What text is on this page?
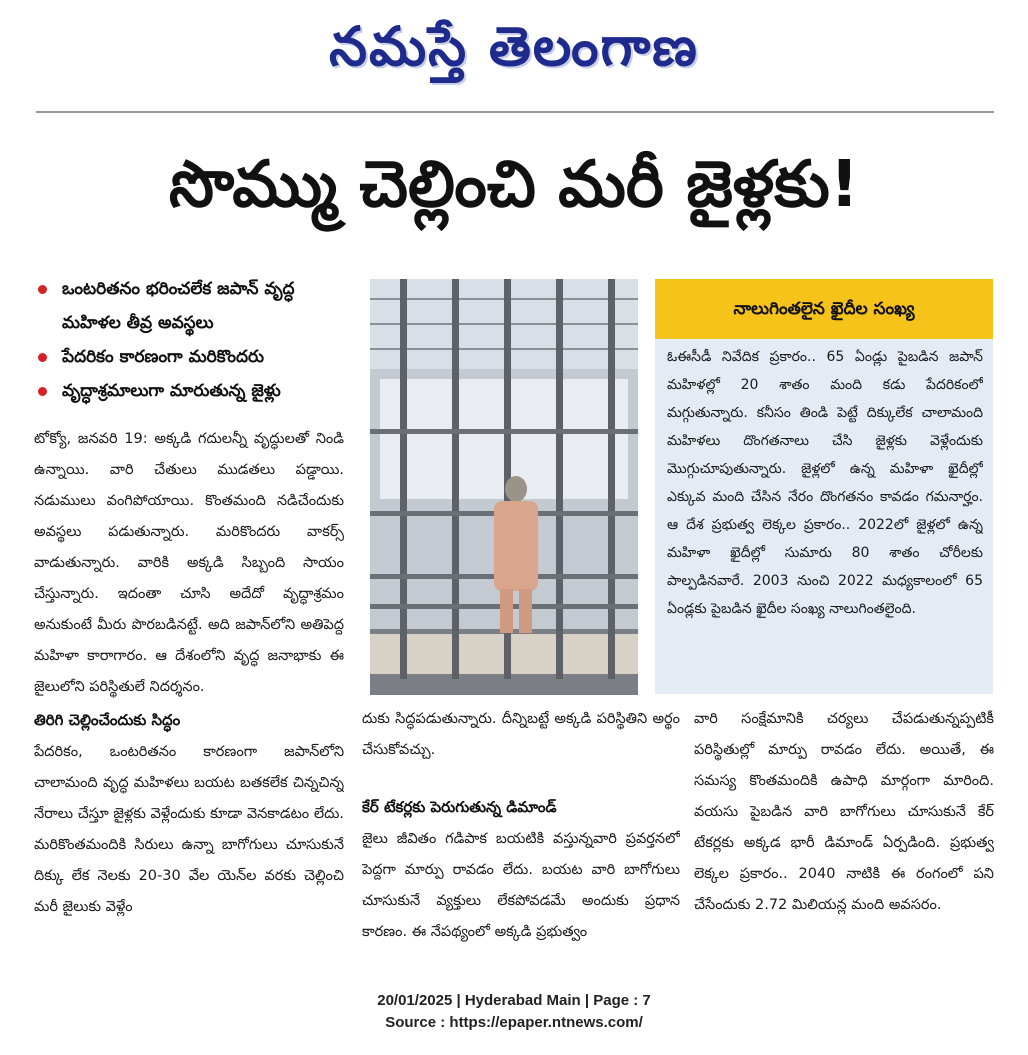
నమస్తే తెలంగాణ
సొమ్ము చెల్లించి మరీ జైళ్లకు!
ఒంటరితనం భరించలేక జపాన్ వృద్ధ మహిళల తీవ్ర అవస్థలు
పేదరికం కారణంగా మరికొందరు
వృద్ధాశ్రమాలుగా మారుతున్న జైళ్లు

టోక్యో, జనవరి 19: అక్కడి గదులన్నీ వృద్ధులతో నిండి ఉన్నాయి. వారి చేతులు ముడతలు పడ్డాయి. నడుములు వంగిపోయాయి. కొంతమంది నడిచేందుకు అవస్థలు పడుతున్నారు. మరికొందరు వాకర్స్ వాడుతున్నారు. వారికి అక్కడి సిబ్బంది సాయం చేస్తున్నారు. ఇదంతా చూసి అదేదో వృద్ధాశ్రమం అనుకుంటే మీరు పొరబడినట్టే. అది జపాన్‌లోని అతిపెద్ద మహిళా కారాగారం. ఆ దేశంలోని వృద్ధ జనాభాకు ఈ జైలులోని పరిస్థితులే నిదర్శనం.

తిరిగి చెల్లించేందుకు సిద్ధం

పేదరికం, ఒంటరితనం కారణంగా జపాన్‌లోని చాలామంది వృద్ధ మహిళలు బయట బతకలేక చిన్నచిన్న నేరాలు చేస్తూ జైళ్లకు వెళ్లేందుకు కూడా వెనకాడటం లేదు. మరికొంతమందికి సిరులు ఉన్నా బాగోగులు చూసుకునే దిక్కు లేక నెలకు 20-30 వేల యెన్‌ల వరకు చెల్లించి మరీ జైలుకు వెళ్లేం

నాలుగింతలైన ఖైదీల సంఖ్య
ఓఈసీడీ నివేదిక ప్రకారం.. 65 ఏండ్లు పైబడిన జపాన్ మహిళల్లో 20 శాతం మంది కడు పేదరికంలో మగ్గుతున్నారు. కనీసం తిండి పెట్టే దిక్కులేక చాలామంది మహిళలు దొంగతనాలు చేసి జైళ్లకు వెళ్లేందుకు మొగ్గుచూపుతున్నారు. జైళ్లలో ఉన్న మహిళా ఖైదీల్లో ఎక్కువ మంది చేసిన నేరం దొంగతనం కావడం గమనార్హం. ఆ దేశ ప్రభుత్వ లెక్కల ప్రకారం.. 2022లో జైళ్లలో ఉన్న మహిళా ఖైదీల్లో సుమారు 80 శాతం చోరీలకు పాల్పడినవారే. 2003 నుంచి 2022 మధ్యకాలంలో 65 ఏండ్లకు పైబడిన ఖైదీల సంఖ్య నాలుగింతలైంది.

దుకు సిద్ధపడుతున్నారు. దీన్నిబట్టే అక్కడి పరిస్థితిని అర్థం చేసుకోవచ్చు.

కేర్ టేకర్లకు పెరుగుతున్న డిమాండ్

జైలు జీవితం గడిపాక బయటికి వస్తున్నవారి ప్రవర్తనలో పెద్దగా మార్పు రావడం లేదు. బయట వారి బాగోగులు చూసుకునే వ్యక్తులు లేకపోవడమే అందుకు ప్రధాన కారణం. ఈ నేపథ్యంలో అక్కడి ప్రభుత్వం

వారి సంక్షేమానికి చర్యలు చేపడుతున్నప్పటికీ పరిస్థితుల్లో మార్పు రావడం లేదు. అయితే, ఈ సమస్య కొంతమందికి ఉపాధి మార్గంగా మారింది. వయసు పైబడిన వారి బాగోగులు చూసుకునే కేర్ టేకర్లకు అక్కడ భారీ డిమాండ్ ఏర్పడింది. ప్రభుత్వ లెక్కల ప్రకారం.. 2040 నాటికి ఈ రంగంలో పని చేసేందుకు 2.72 మిలియన్ల మంది అవసరం.

20/01/2025 | Hyderabad Main | Page : 7
Source : https://epaper.ntnews.com/
